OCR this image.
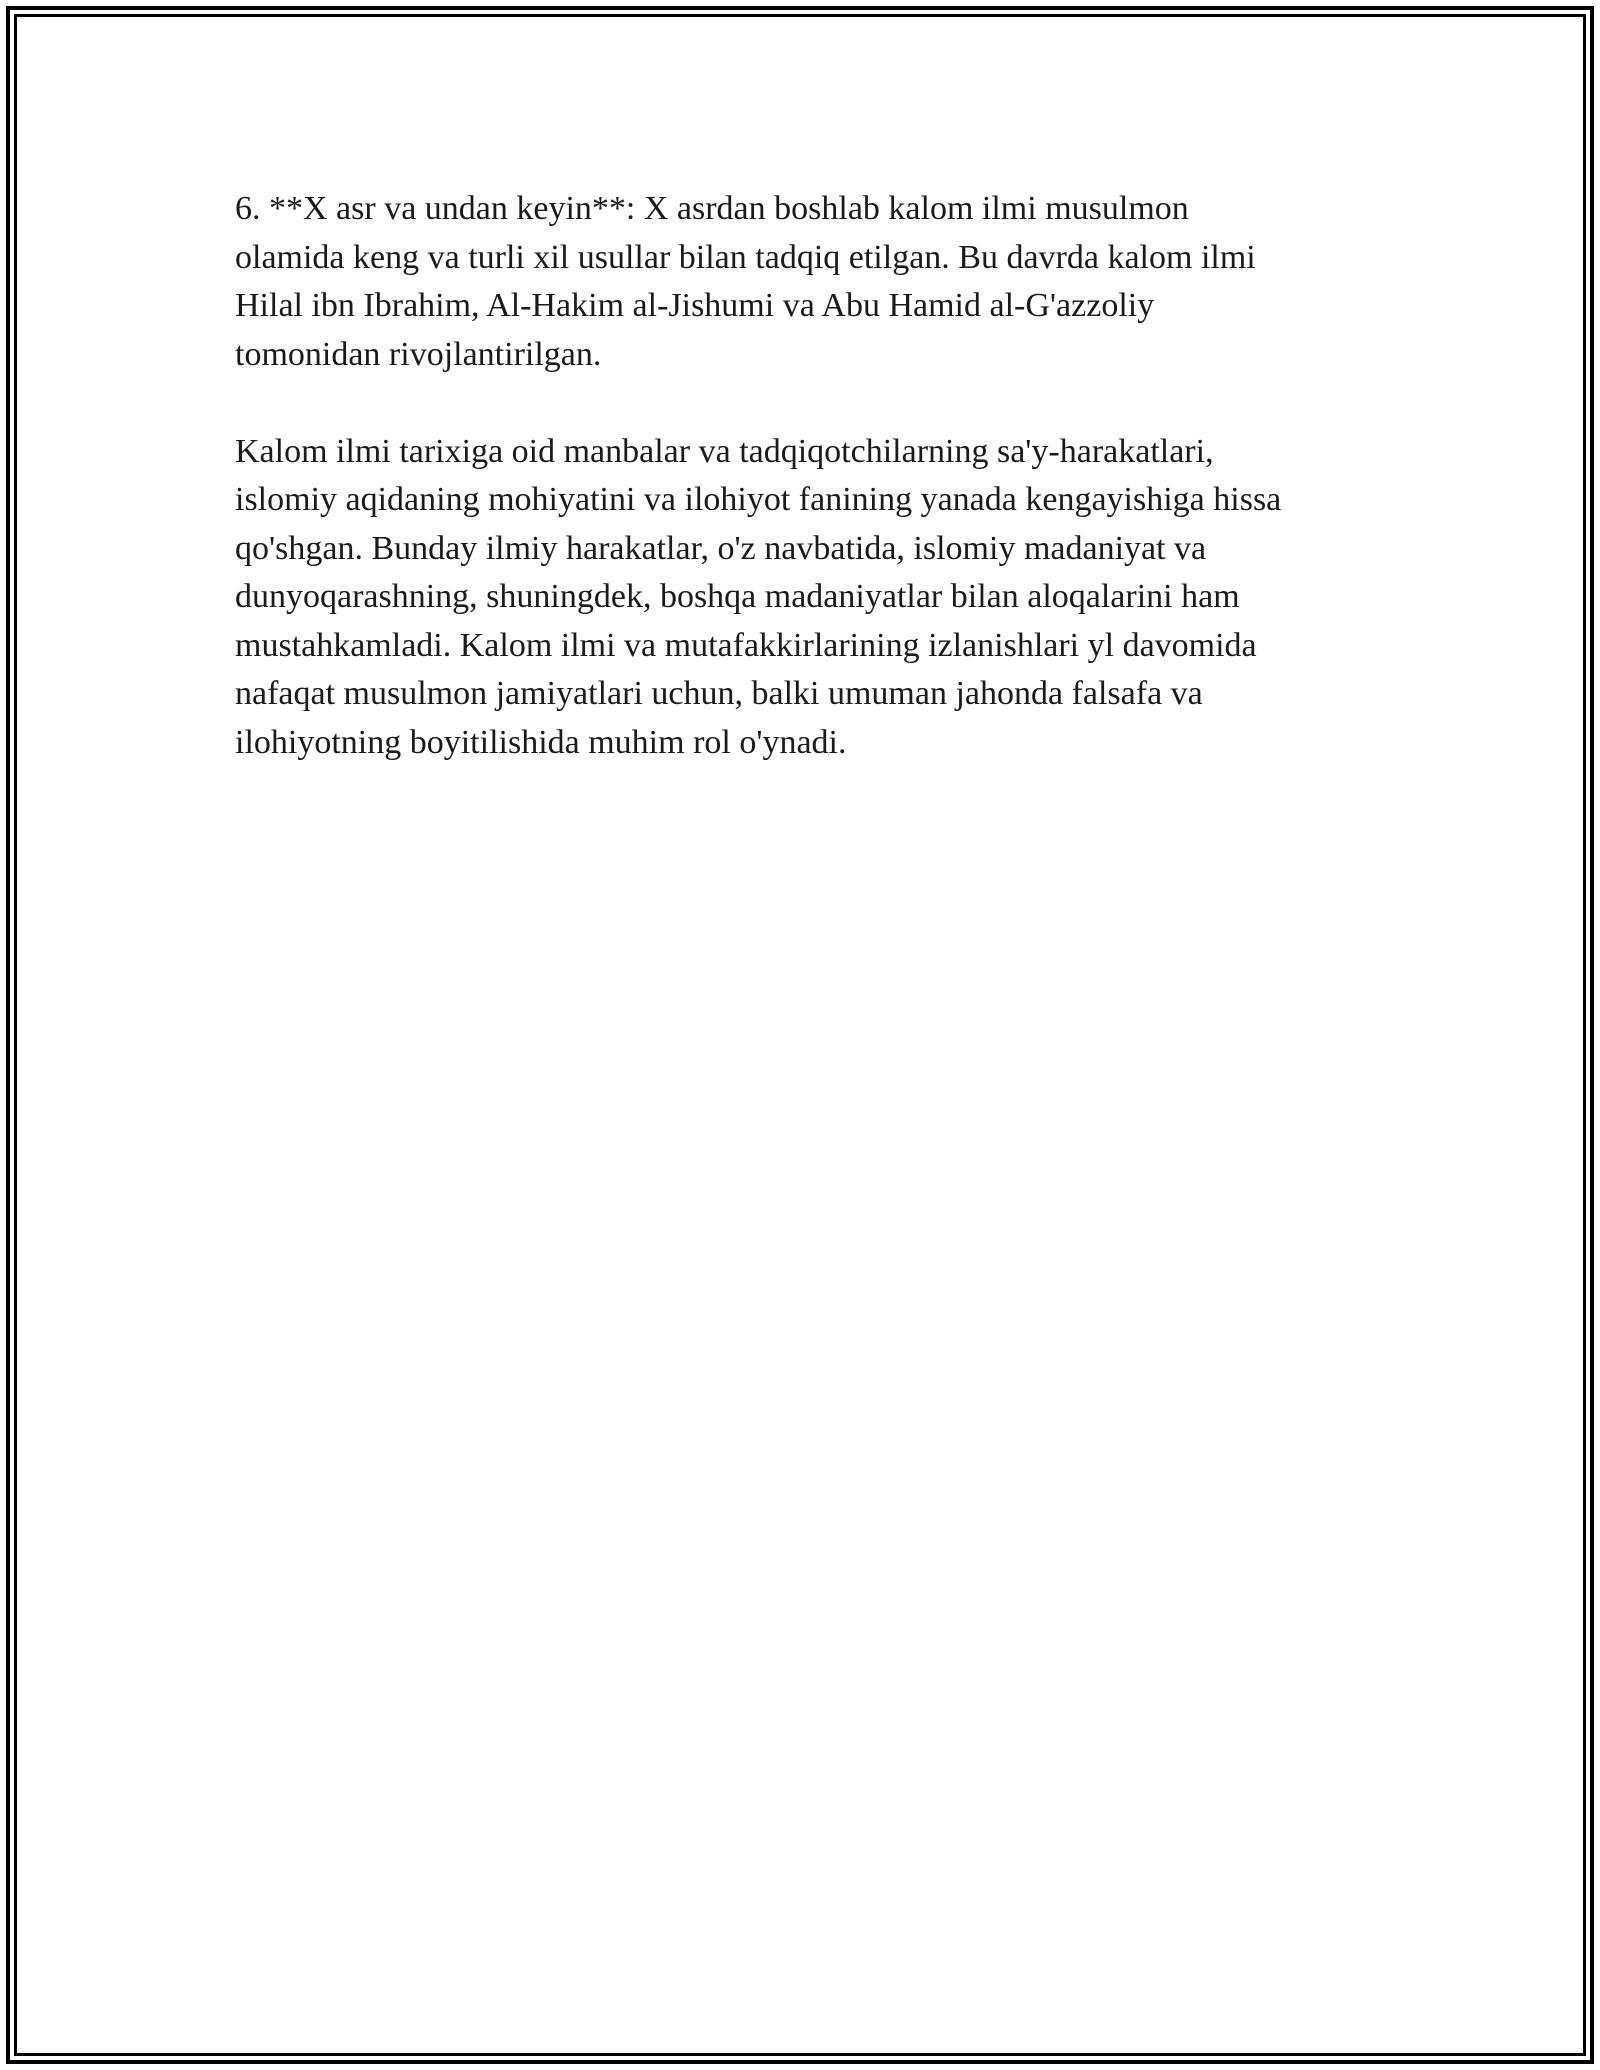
6. **X asr va undan keyin**: X asrdan boshlab kalom ilmi musulmon
olamida keng va turli xil usullar bilan tadqiq etilgan. Bu davrda kalom ilmi
Hilal ibn Ibrahim, Al-Hakim al-Jishumi va Abu Hamid al-G'azzoliy
tomonidan rivojlantirilgan.

Kalom ilmi tarixiga oid manbalar va tadqiqotchilarning sa'y-harakatlari,
islomiy aqidaning mohiyatini va ilohiyot fanining yanada kengayishiga hissa
qo'shgan. Bunday ilmiy harakatlar, o'z navbatida, islomiy madaniyat va
dunyoqarashning, shuningdek, boshqa madaniyatlar bilan aloqalarini ham
mustahkamladi. Kalom ilmi va mutafakkirlarining izlanishlari yl davomida
nafaqat musulmon jamiyatlari uchun, balki umuman jahonda falsafa va
ilohiyotning boyitilishida muhim rol o'ynadi.
